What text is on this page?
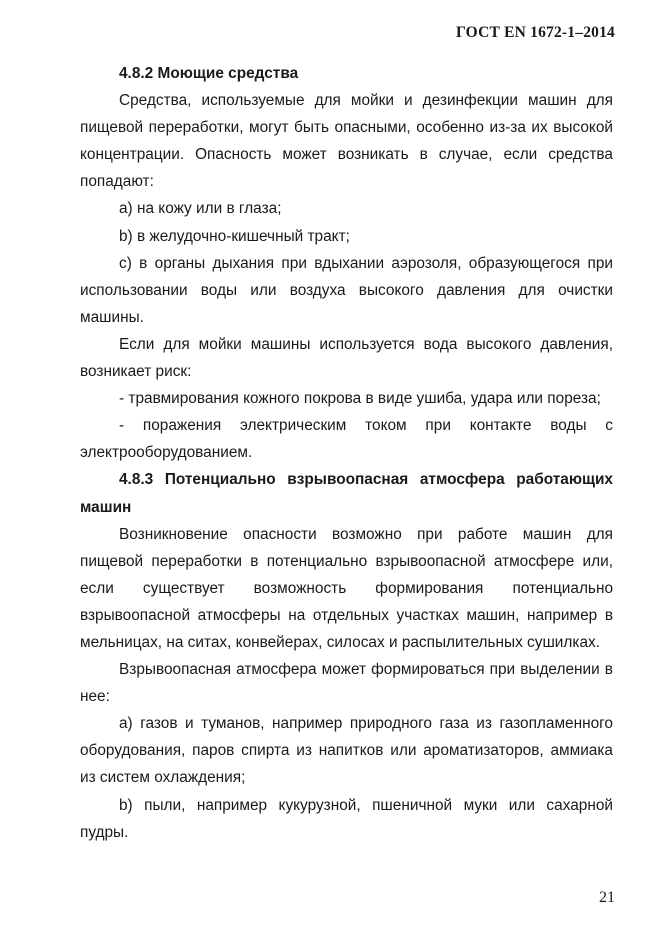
ГОСТ EN 1672-1–2014
4.8.2 Моющие средства

Средства, используемые для мойки и дезинфекции машин для пищевой переработки, могут быть опасными, особенно из-за их высокой концентрации. Опасность может возникать в случае, если средства попадают:

a) на кожу или в глаза;

b) в желудочно-кишечный тракт;

c) в органы дыхания при вдыхании аэрозоля, образующегося при использовании воды или воздуха высокого давления для очистки машины.

Если для мойки машины используется вода высокого давления, возникает риск:

- травмирования кожного покрова в виде ушиба, удара или пореза;

- поражения электрическим током при контакте воды с электрооборудованием.

4.8.3 Потенциально взрывоопасная атмосфера работающих машин

Возникновение опасности возможно при работе машин для пищевой переработки в потенциально взрывоопасной атмосфере или, если существует возможность формирования потенциально взрывоопасной атмосферы на отдельных участках машин, например в мельницах, на ситах, конвейерах, силосах и распылительных сушилках.

Взрывоопасная атмосфера может формироваться при выделении в нее:

a) газов и туманов, например природного газа из газопламенного оборудования, паров спирта из напитков или ароматизаторов, аммиака из систем охлаждения;

b) пыли, например кукурузной, пшеничной муки или сахарной пудры.

21
